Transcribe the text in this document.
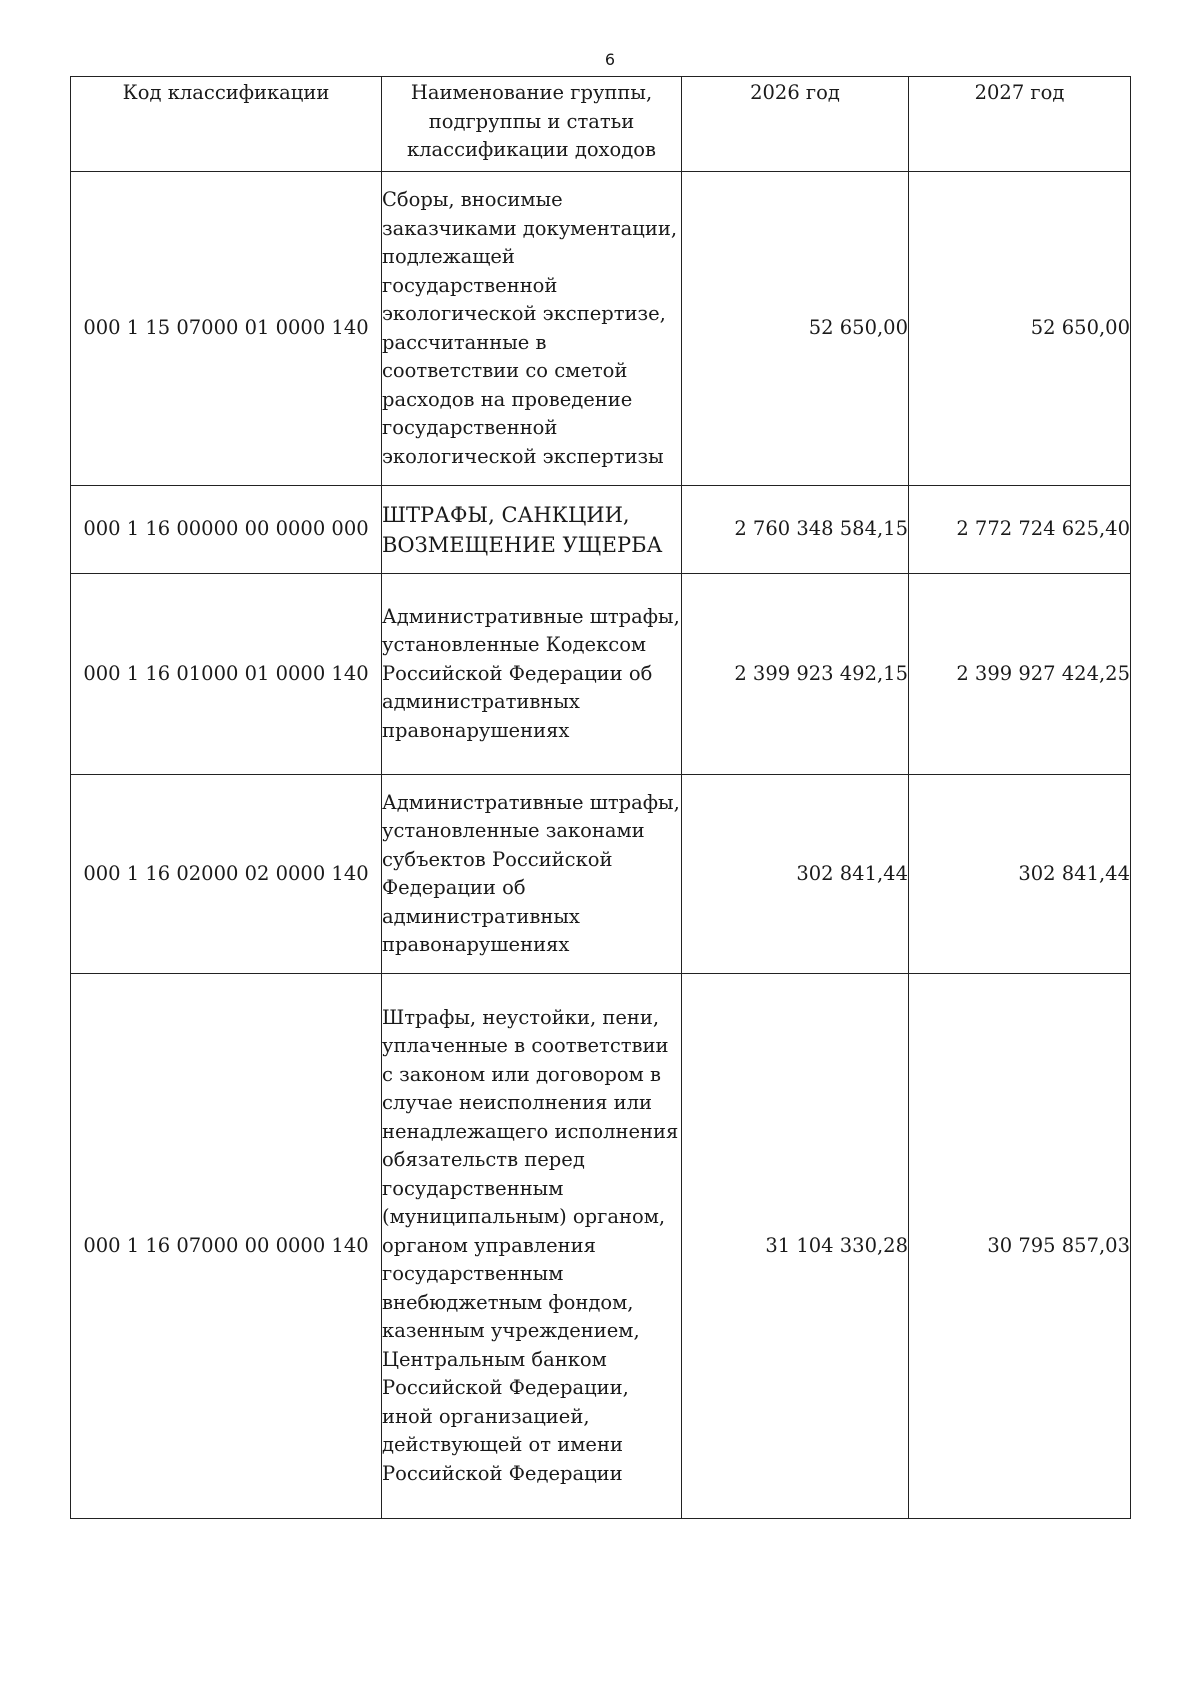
6
Код классификации	Наименование группы, подгруппы и статьи классификации доходов	2026 год	2027 год
000 1 15 07000 01 0000 140	Сборы, вносимые заказчиками документации, подлежащей государственной экологической экспертизе, рассчитанные в соответствии со сметой расходов на проведение государственной экологической экспертизы	52 650,00	52 650,00
000 1 16 00000 00 0000 000	ШТРАФЫ, САНКЦИИ, ВОЗМЕЩЕНИЕ УЩЕРБА	2 760 348 584,15	2 772 724 625,40
000 1 16 01000 01 0000 140	Административные штрафы, установленные Кодексом Российской Федерации об административных правонарушениях	2 399 923 492,15	2 399 927 424,25
000 1 16 02000 02 0000 140	Административные штрафы, установленные законами субъектов Российской Федерации об административных правонарушениях	302 841,44	302 841,44
000 1 16 07000 00 0000 140	Штрафы, неустойки, пени, уплаченные в соответствии с законом или договором в случае неисполнения или ненадлежащего исполнения обязательств перед государственным (муниципальным) органом, органом управления государственным внебюджетным фондом, казенным учреждением, Центральным банком Российской Федерации, иной организацией, действующей от имени Российской Федерации	31 104 330,28	30 795 857,03
